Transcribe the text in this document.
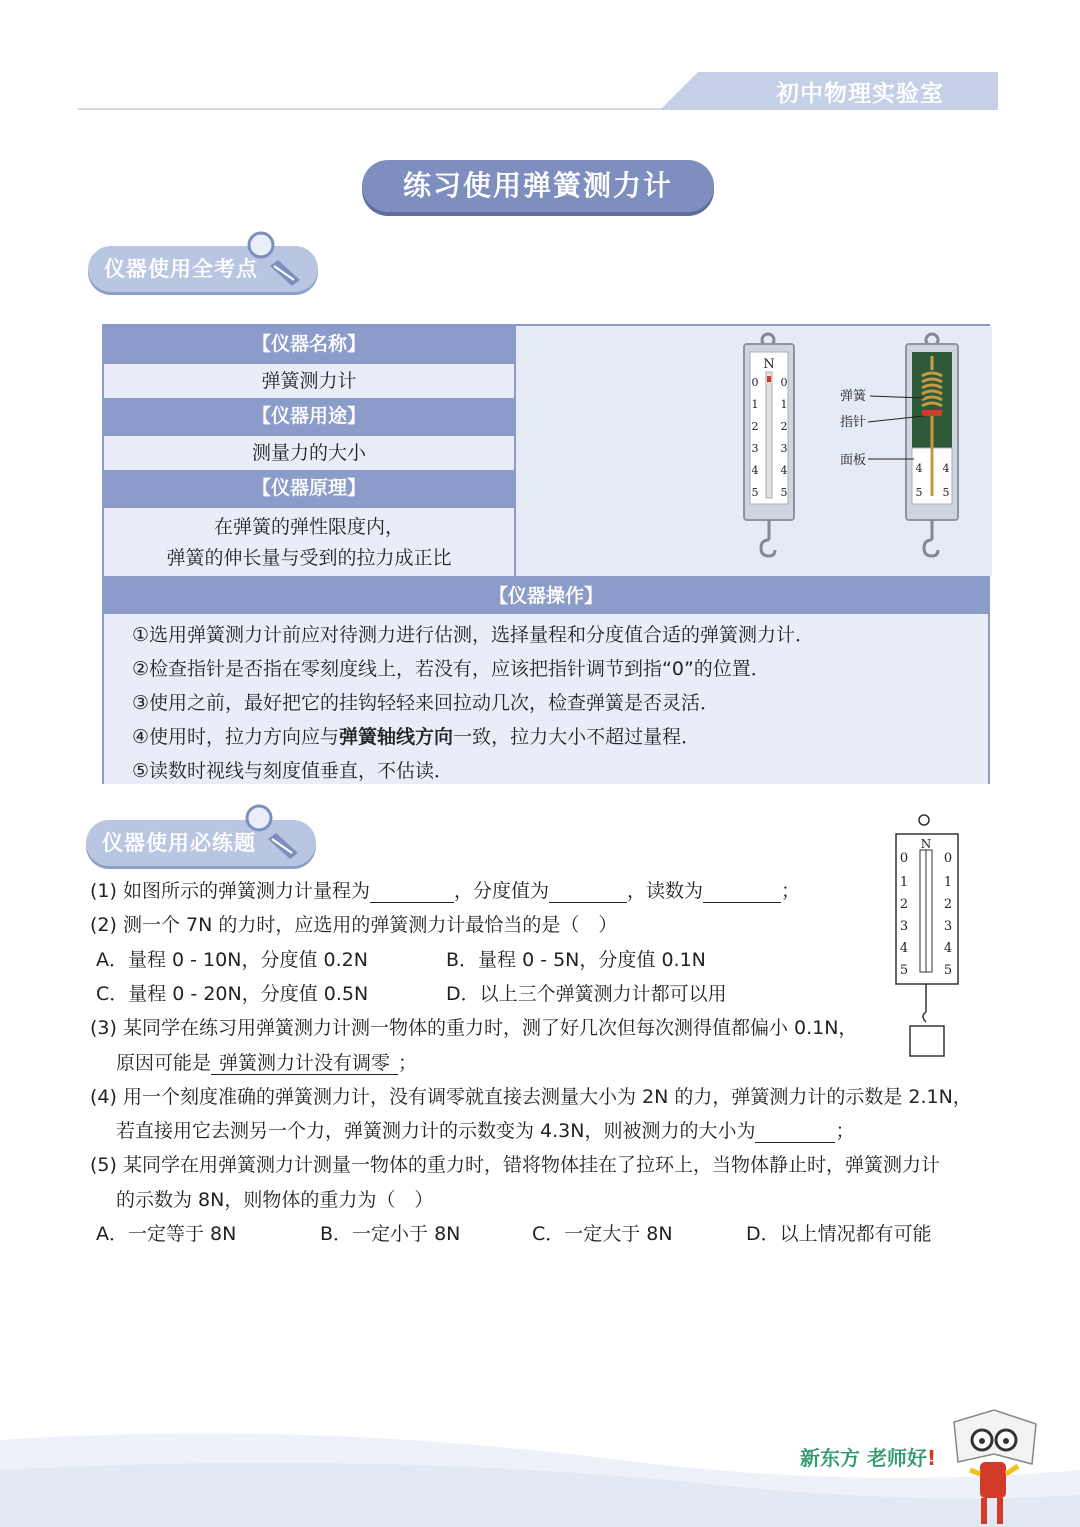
初中物理实验室
练习使用弹簧测力计
仪器使用全考点
【仪器名称】
弹簧测力计
【仪器用途】
测量力的大小
【仪器原理】
在弹簧的弹性限度内，
弹簧的伸长量与受到的拉力成正比
N
0 0
1 1
2 2
3 3
4 4
5 5
4 4
5 5
弹簧
指针
面板
【仪器操作】
①选用弹簧测力计前应对待测力进行估测，选择量程和分度值合适的弹簧测力计．
②检查指针是否指在零刻度线上，若没有，应该把指针调节到指“0”的位置．
③使用之前，最好把它的挂钩轻轻来回拉动几次，检查弹簧是否灵活．
④使用时，拉力方向应与弹簧轴线方向一致，拉力大小不超过量程．
⑤读数时视线与刻度值垂直，不估读．
仪器使用必练题	N
0	0
1	1
2	2
3	3
4	4
5	5
(1) 如图所示的弹簧测力计量程为	，分度值为	，读数为	；
(2) 测一个 7N 的力时，应选用的弹簧测力计最恰当的是（　）
A．量程 0 - 10N，分度值 0.2N	B．量程 0 - 5N，分度值 0.1N
C．量程 0 - 20N，分度值 0.5N	D．以上三个弹簧测力计都可以用
(3) 某同学在练习用弹簧测力计测一物体的重力时，测了好几次但每次测得值都偏小 0.1N，
原因可能是 弹簧测力计没有调零 ；
(4) 用一个刻度准确的弹簧测力计，没有调零就直接去测量大小为 2N 的力，弹簧测力计的示数是 2.1N，
若直接用它去测另一个力，弹簧测力计的示数变为 4.3N，则被测力的大小为	；
(5) 某同学在用弹簧测力计测量一物体的重力时，错将物体挂在了拉环上，当物体静止时，弹簧测力计
的示数为 8N，则物体的重力为（　）
A．一定等于 8N	B．一定小于 8N	C．一定大于 8N	D．以上情况都有可能
新东方 老师好!
